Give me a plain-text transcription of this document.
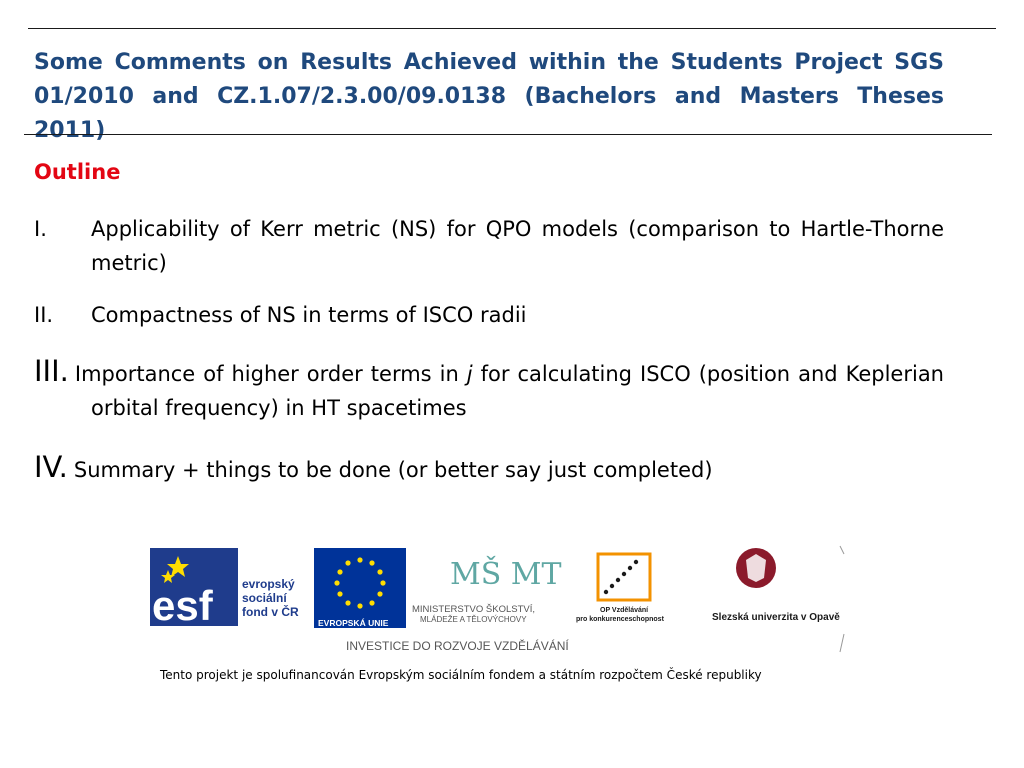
Some Comments on Results Achieved within the Students Project SGS 01/2010 and CZ.1.07/2.3.00/09.0138 (Bachelors and Masters Theses 2011)
Outline
I.	Applicability of Kerr metric (NS) for QPO models (comparison to Hartle-Thorne metric)
II.	Compactness of NS in terms of ISCO radii
III. Importance of higher order terms in j for calculating ISCO (position and Keplerian orbital frequency) in HT spacetimes
IV. Summary + things to be done (or better say just completed)
esf evropský
sociální
fond v ČR
EVROPSKÁ UNIE
MŠ MT
MINISTERSTVO ŠKOLSTVÍ,
MLÁDEŽE A TĚLOVÝCHOVY
OP Vzdělávání
pro konkurenceschopnost	Slezská univerzita v Opavě
INVESTICE DO ROZVOJE VZDĚLÁVÁNÍ
Tento projekt je spolufinancován Evropským sociálním fondem a státním rozpočtem České republiky
